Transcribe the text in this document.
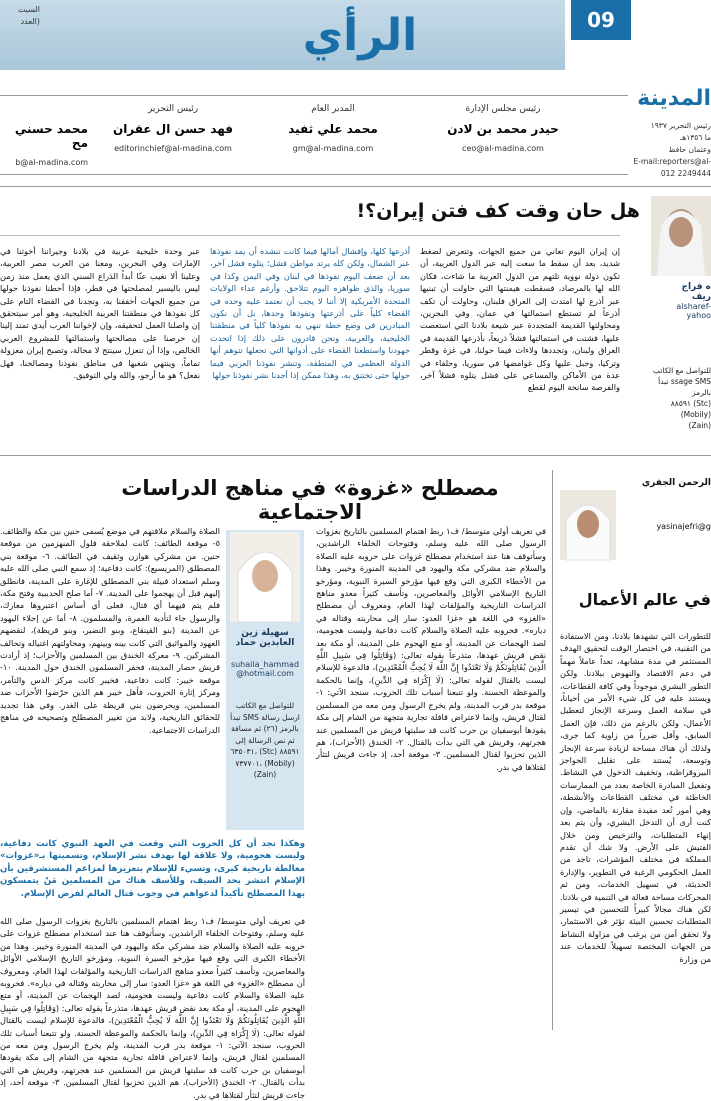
الرأي	09
السبت
(العدد
المدينة
رئيس التحرير ١٩٣٧
ما ١٣٥٦هـ
وعثمان حافظ
E-mail:reporters@al-
012 2249444
رئيس مجلس الإدارة
حيدر محمد بن لادن
ceo@al-madina.com
المدير العام
محمد علي ثفيد
gm@al-madina.com
رئيس التحرير
فهد حسن ال عقران
editorinchief@al-madina.com
محمد حسني مح
b@al-madina.com
هل حان وقت كف فتن إيران؟!
ه فراج
ريف
alsharef-
yahoo
للتواصل مع الكاتب
ssage SMS تبدأ
بالرمز
(Stc) ٨٨٥٩١
(Mobily)
(Zain)
إن إيران اليوم تعاني من جميع الجهات، وتتعرض لضغط شديد، بعد أن سقط ما سعت إليه عبر الدول العربية، أن تكون دولة نووية تلتهم من الدول العربية ما شاءت، فكان الله لها بالمرصاد، فسقطت هيمنتها التي حاولت أن تبنيها عبر أذرع لها امتدت إلى العراق فلبنان، وحاولت أن تكف أذرعاً لم تستطع استمالتها في عمان، وفي البحرين، ومحاولتها القديمة المتجددة عبر شيعة بلادنا التي استعصت عليها، فشتت في استمالتها فشلاً ذريعاً، بأذرعها القديمة في العراق ولبنان، وتجددها ولاءات فيما حولنا، في غزة وقطر وتركيا، وجبل عليها وكل غوامضها في سوريا، وحلفاء في عدة من الأماكن والمساعي على فشل يتلوه فشلاً آخر، والفرصة سانحة اليوم لقطع
أذرعها كلها، وإفشال آمالها فيما كانت تنشده أن يمد نفوذها عبر الشمال، ولكن كله يرتد مواطن فشل؛ يتلوه فشل آخر، بعد أن ضعف اليوم نفوذها في لبنان وفي اليمن وكذا في سوريا، والذي ظواهره اليوم تتلاحق. وأرغم عداء الولايات المتحدة الأمريكية إلا أننا لا يجب أن نعتمد عليه وحده في القضاء كلياً على أذرعتها ونفوذها وحدها، بل أن نكون المبادرين في وضع خطة تنهي به نفوذها كلياً في منطقتنا الخليجية، والعربية، ونحن قادرون على ذلك إذا اتحدت جهودنا واستطعنا القضاء على أدواتها التي تجعلها تتوهم أنها الدولة العظمى في المنطقة، وتنشر نفوذنا العربي فيما حولها حتى تختنق به، وهذا ممكن إذا أجدنا نشر نفوذنا حولها
عبر وحدة خليجية عربية في بلادنا وجيراننا أخوتنا في الإمارات وفي البحرين، ومعنا من العرب مصر العربية، وعلينا ألا نغيب عنّا أبداً الذراع السني الذي يعمل منذ زمن ليس باليسير لمصلحتها في قطر، فإذا أحطنا نفوذنا حولها من جميع الجهات أخففنا به، وتجدنا في القضاء التام على كل نفوذها في منطقتنا العربية الخليجية، وهو أمر سيتحقق إن واصلنا العمل لتحقيقه، وإن لإخواننا العرب أيدي تمتد إلينا إن حرصنا على مصالحتها واستمالتها للمشروع العربي الخالص، وإذا أن تنعزل سينتج لا محالة، وتصبح إيران معزولة تماماً، وينتهي شغبها في مناطق نفوذنا ومصالحنا، فهل نفعل؟ هو ما أرجو، والله ولي التوفيق.
مصطلح «غزوة» في مناهج الدراسات الاجتماعية
في تعريف أولي متوسط/ ف١ ربط اهتمام المسلمين بالتاريخ بغزوات الرسول صلى الله عليه وسلم، وفتوحات الخلفاء الراشدين، وسأتوقف هنا عند استخدام مصطلح غزوات على حروبه عليه الصلاة والسلام ضد مشركي مكة واليهود في المدينة المنورة وخيبر. وهذا من الأخطاء الكبرى التي وقع فيها مؤرخو السيرة النبوية، ومؤرخو التاريخ الإسلامي الأوائل والمعاصرين، وتأسف كثيراً معدو مناهج الدراسات التاريخية والمؤلفات لهذا العام، ومعروف أن مصطلح «الغزو» في اللغة هو «غزا العدو: سار إلى محاربته وقتاله في دياره». فحروبه عليه الصلاة والسلام كانت دفاعية وليست هجومية، لصد الهجمات عن المدينة، أو منع الهجوم على المدينة، أو مكة بعد نقض قريش عهدها، متذرعاً بقوله تعالى: (وَقَاتِلُوا فِي سَبِيلِ اللَّهِ الَّذِينَ يُقَاتِلُونَكُمْ وَلَا تَعْتَدُوا إِنَّ اللَّهَ لَا يُحِبُّ الْمُعْتَدِينَ)، فالدعوة للإسلام ليست بالقتال لقوله تعالى: (لَا إِكْرَاهَ فِي الدِّينِ)، وإنما بالحكمة والموعظة الحسنة. ولو تتبعنا أسباب تلك الحروب، سنجد الآتي: ١- موقعة بدر قرب المدينة، ولم يخرج الرسول ومن معه من المسلمين لقتال قريش، وإنما لاعتراض قافلة تجارية متجهة من الشام إلى مكة يقودها أبوسفيان بن حرب كانت قد سلبتها قريش من المسلمين عند هجرتهم، وقريش هي التي بدأت بالقتال. ٢- الخندق (الأحزاب)، هم الذين تحزبوا لقتال المسلمين. ٣- موقعة أحد، إذ جاءت قريش لتثأر لقتلاها في بدر.
سهيلة زين العابدين حماد
suhaila_hammad@hotmail.com
للتواصل مع الكاتب
ارسل رسالة SMS تبدأ
بالرمز (٢٦) ثم مسافة
ثم نص الرسالة إلى
٨٨٥٩١ (Stc) ،٦٣٥٠٣١
(Mobily) ،٧٣٧٧٠١
(Zain)
الصلاة والسلام ملاقتهم في موضع يُسمى حنين بين مكة والطائف. ٥- موقعة الطائف: كانت لملاحقة فلول المنهزمين من موقعة حنين. من مشركي هوازن وثقيف في الطائف. ٦- موقعة بني المصطلق (المريسيع): كانت دفاعية؛ إذ سمع النبي صلى الله عليه وسلم استعداد قبيلة بني المصطلق للإغارة على المدينة، فانطلق إليهم قبل أن يهجموا على المدينة. ٧- أما صلح الحديبية وفتح مكة، فلم يتم فيهما أي قتال، فعلى أي أساس اعتبروها معارك، والرسول جاء لتأدية العمرة، والمسلمون. ٨- أما عن إجلاء اليهود عن المدينة (بنو القينقاع، وبنو النضير، وبنو قريظة)، لنقضهم العهود والمواثيق التي كانت بينه وبينهم، ومحاولتهم اغتياله وتحالف المشركين. ٩- معركة الخندق بين المسلمين والأحزاب؛ إذ أرادت قريش حصار المدينة، فحفر المسلمون الخندق حول المدينة. ١٠- موقعة خيبر: كانت دفاعية، فخيبر كانت مركز الدس والتآمر، ومركز إثارة الحروب، فأهل خيبر هم الذين حرّضوا الأحزاب ضد المسلمين، ويحرضون بني قريظة على الغدر. وفي هذا تجديد للحقائق التاريخية، ولابد من تغيير المصطلح وتصحيحه في مناهج الدراسات الاجتماعية.
وهكذا نجد أن كل الحروب التي وقعت في العهد النبوي كانت دفاعية، وليست هجومية، ولا علاقة لها بهدف نشر الإسلام، وتسميتها بـ«غزوات» مغالطة تاريخية كبرى، وتسيء للإسلام بتعزيزها لمزاعم المستشرقين بأن الإسلام انتشر بحد السيف، وللأسف هناك من المسلمين مَنْ يتمسكون بهذا المصطلح تأكيداً لدعواهم في وجوب قتال العالم لفرض الإسلام.
في تعريف أولي متوسط/ ف١ ربط اهتمام المسلمين بالتاريخ بغزوات الرسول صلى الله عليه وسلم، وفتوحات الخلفاء الراشدين، وسأتوقف هنا عند استخدام مصطلح غزوات على حروبه عليه الصلاة والسلام ضد مشركي مكة واليهود في المدينة المنورة وخيبر. وهذا من الأخطاء الكبرى التي وقع فيها مؤرخو السيرة النبوية، ومؤرخو التاريخ الإسلامي الأوائل والمعاصرين، وتأسف كثيراً معدو مناهج الدراسات التاريخية والمؤلفات لهذا العام، ومعروف أن مصطلح «الغزو» في اللغة هو «غزا العدو: سار إلى محاربته وقتاله في دياره». فحروبه عليه الصلاة والسلام كانت دفاعية وليست هجومية، لصد الهجمات عن المدينة، أو منع الهجوم على المدينة، أو مكة بعد نقض قريش عهدها، متذرعاً بقوله تعالى: (وَقَاتِلُوا فِي سَبِيلِ اللَّهِ الَّذِينَ يُقَاتِلُونَكُمْ وَلَا تَعْتَدُوا إِنَّ اللَّهَ لَا يُحِبُّ الْمُعْتَدِينَ)، فالدعوة للإسلام ليست بالقتال لقوله تعالى: (لَا إِكْرَاهَ فِي الدِّينِ)، وإنما بالحكمة والموعظة الحسنة. ولو تتبعنا أسباب تلك الحروب، سنجد الآتي: ١- موقعة بدر قرب المدينة، ولم يخرج الرسول ومن معه من المسلمين لقتال قريش، وإنما لاعتراض قافلة تجارية متجهة من الشام إلى مكة يقودها أبوسفيان بن حرب كانت قد سلبتها قريش من المسلمين عند هجرتهم، وقريش هي التي بدأت بالقتال. ٢- الخندق (الأحزاب)، هم الذين تحزبوا لقتال المسلمين. ٣- موقعة أحد، إذ جاءت قريش لتثأر لقتلاها في بدر.
الرحمن الجفري
yasinajefri@g
في عالم الأعمال
للتطورات التي تشهدها بلادنا، ومن الاستفادة من التقنية، في اختصار الوقت لتحقيق الهدف المستثمر في مدة مشابهة، تعداً عاملاً مهماً في دعم الاقتصاد والنهوض ببلادنا. ولكن التطور البشري موجوداً وفي كافة القطاعات، ويستند عليه في كل شيء الأمر من أحياناً، في سلامة العمل وسرعة الإنجاز لتعطيل الأعمال، ولكن بالرغم من ذلك، فإن العمل السابق، وأقل ضرراً من زاوية كما جرى، ولذلك أن هناك مساحة لزيادة سرعة الإنجاز وتوسعة، يُستند على تقليل الحواجز البيروقراطية، وتخفيف الدخول في النشاط. وتفعيل المبادرة الخاصة بعدد من الممارسات الخاطئة في مختلف القطاعات والأنشطة، وهي أمور تُعد مفيدة مقارنة بالماضي، وإن كنت أرى أن التدخل البشري، وأن يتم بعد إنهاء المتطلبات، والترخيص ومن خلال الفتيش على الأرض. ولا شك أن تقدم المملكة في مختلف المؤشرات، تاجد من العمل الحكومي الرغبة في التطوير، والإدارة الحديثة، في تسهيل الخدمات، ومن ثم المحركات مساحة فعالة في التنمية في بلادنا. لكن هناك مجالاً كبيراً للتحسين في تيسير المتطلبات تحسين البيئة تؤثر في الاستثمار، ولا تحقق أمن من يرغب في مزاولة النشاط من الجهات المختصة تسهيلاً للخدمات عند من وزارة
